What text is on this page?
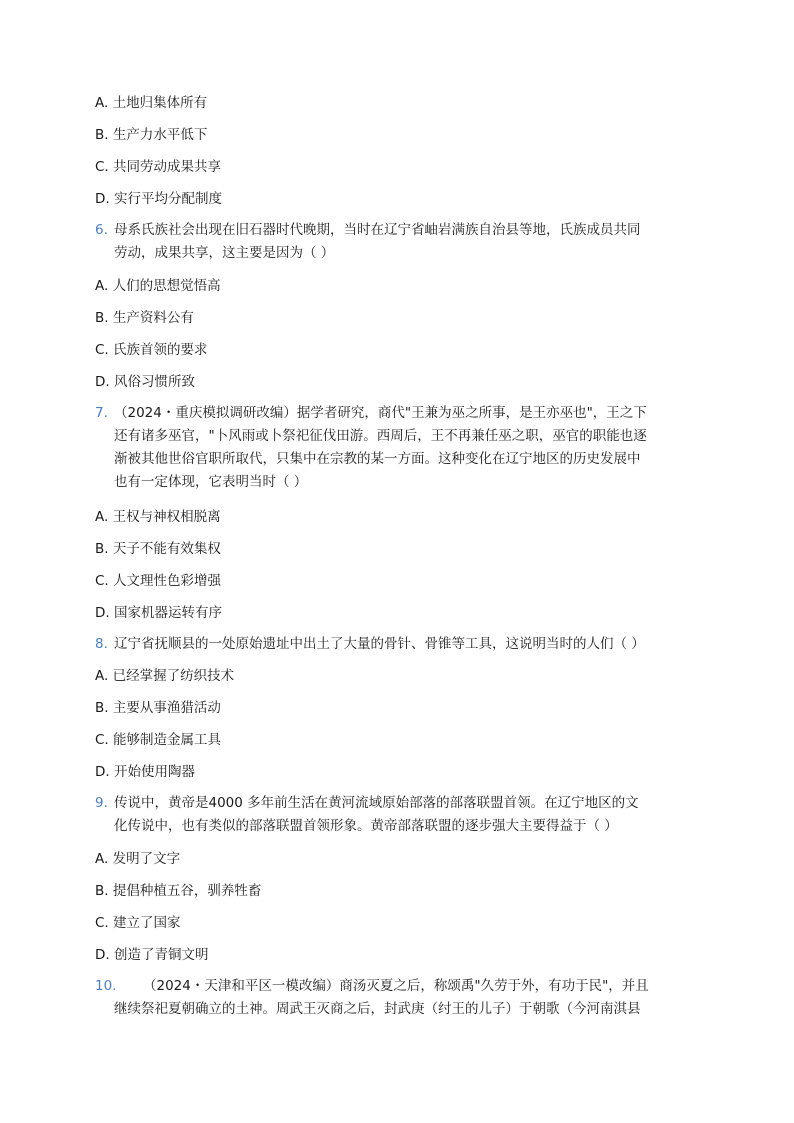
A. 土地归集体所有
B. 生产力水平低下
C. 共同劳动成果共享
D. 实行平均分配制度
6. 母系氏族社会出现在旧石器时代晚期，当时在辽宁省岫岩满族自治县等地，氏族成员共同
劳动，成果共享，这主要是因为（ ）
A. 人们的思想觉悟高
B. 生产资料公有
C. 氏族首领的要求
D. 风俗习惯所致
7. （2024・重庆模拟调研改编）据学者研究，商代"王兼为巫之所事，是王亦巫也"，王之下
还有诸多巫官，"卜风雨或卜祭祀征伐田游。西周后，王不再兼任巫之职，巫官的职能也逐
渐被其他世俗官职所取代，只集中在宗教的某一方面。这种变化在辽宁地区的历史发展中
也有一定体现，它表明当时（ ）
A. 王权与神权相脱离
B. 天子不能有效集权
C. 人文理性色彩增强
D. 国家机器运转有序
8. 辽宁省抚顺县的一处原始遗址中出土了大量的骨针、骨锥等工具，这说明当时的人们（ ）
A. 已经掌握了纺织技术
B. 主要从事渔猎活动
C. 能够制造金属工具
D. 开始使用陶器
9. 传说中，黄帝是4000 多年前生活在黄河流域原始部落的部落联盟首领。在辽宁地区的文
化传说中，也有类似的部落联盟首领形象。黄帝部落联盟的逐步强大主要得益于（ ）
A. 发明了文字
B. 提倡种植五谷，驯养牲畜
C. 建立了国家
D. 创造了青铜文明
10. （2024・天津和平区一模改编）商汤灭夏之后，称颂禹"久劳于外，有功于民"，并且
继续祭祀夏朝确立的土神。周武王灭商之后，封武庚（纣王的儿子）于朝歌（今河南淇县
